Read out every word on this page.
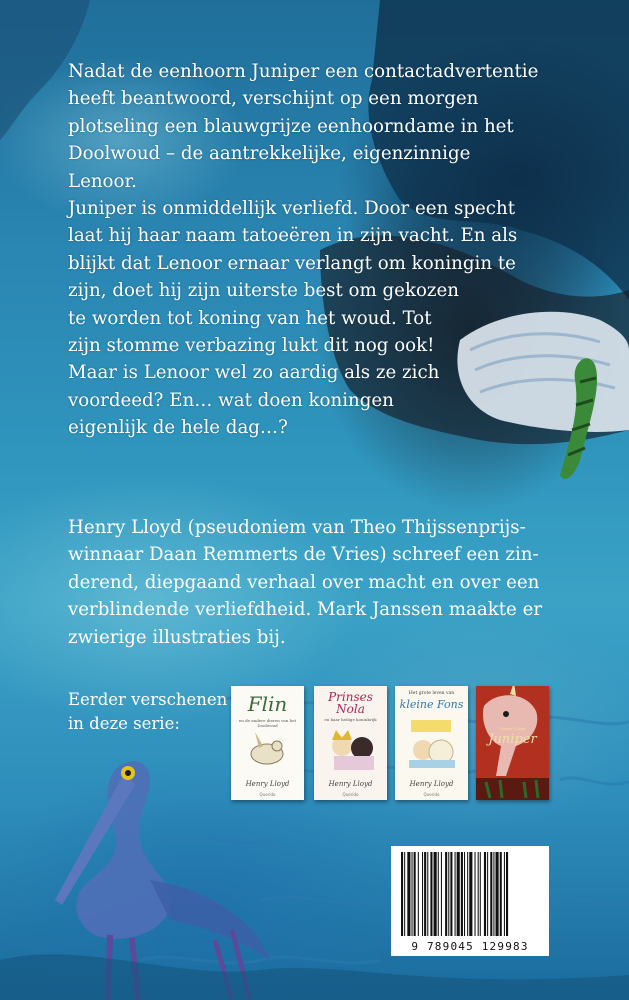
Nadat de eenhoorn Juniper een contactadvertentie
heeft beantwoord, verschijnt op een morgen
plotseling een blauwgrijze eenhoorndame in het
Doolwoud – de aantrekkelijke, eigenzinnige
Lenoor.
Juniper is onmiddellijk verliefd. Door een specht
laat hij haar naam tatoeëren in zijn vacht. En als
blijkt dat Lenoor ernaar verlangt om koningin te
zijn, doet hij zijn uiterste best om gekozen
te worden tot koning van het woud. Tot
zijn stomme verbazing lukt dit nog ook!
Maar is Lenoor wel zo aardig als ze zich
voordeed? En… wat doen koningen
eigenlijk de hele dag…?
Henry Lloyd (pseudoniem van Theo Thijssenprijs-
winnaar Daan Remmerts de Vries) schreef een zin-
derend, diepgaand verhaal over macht en over een
verblindende verliefdheid. Mark Janssen maakte er
zwierige illustraties bij.
Eerder verschenen
in deze serie:
Flin
en de andere dieren van het Doolwoud
Henry Lloyd
Querido
Prinses Nola
en haar heilige koninkrijk
Henry Lloyd
Querido
Het grote leven van
kleine Fons
Henry Lloyd
Querido
Henry Lloyd
Juniper
9 789045 129983
